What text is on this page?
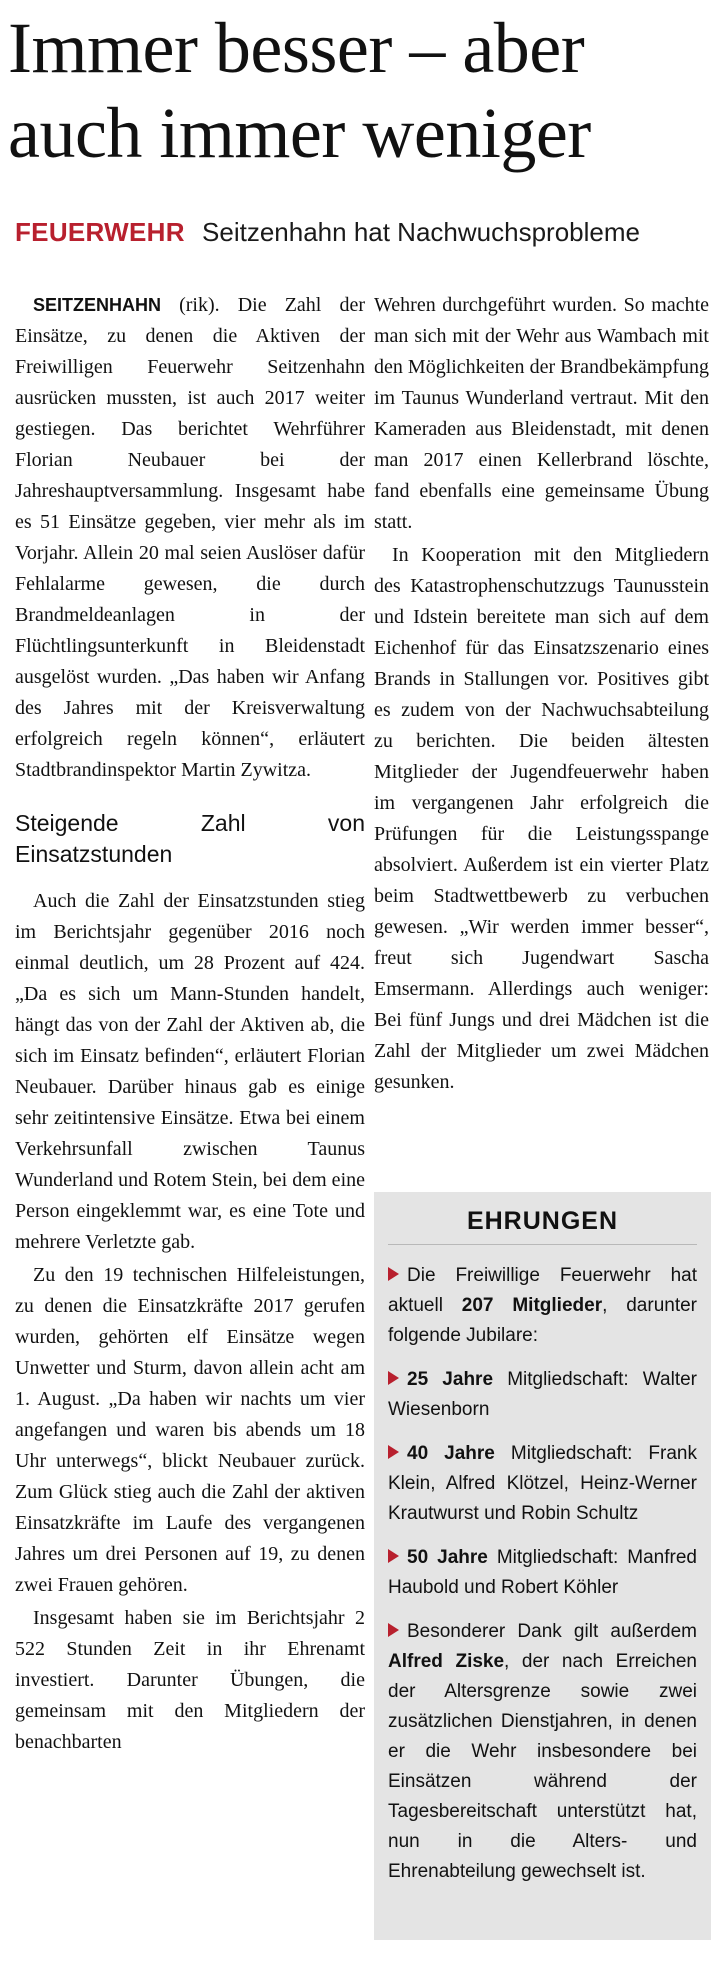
Immer besser – aber
auch immer weniger
FEUERWEHR Seitzenhahn hat Nachwuchsprobleme

SEITZENHAHN (rik). Die Zahl der Einsätze, zu denen die Aktiven der Freiwilligen Feuerwehr Seitzenhahn ausrücken mussten, ist auch 2017 weiter gestiegen. Das berichtet Wehrführer Florian Neubauer bei der Jahreshauptversammlung. Insgesamt habe es 51 Einsätze gegeben, vier mehr als im Vorjahr. Allein 20 mal seien Auslöser dafür Fehlalarme gewesen, die durch Brandmeldeanlagen in der Flüchtlingsunterkunft in Bleidenstadt ausgelöst wurden. „Das haben wir Anfang des Jahres mit der Kreisverwaltung erfolgreich regeln können“, erläutert Stadtbrandinspektor Martin Zywitza.

Steigende Zahl von Einsatzstunden

Auch die Zahl der Einsatzstunden stieg im Berichtsjahr gegenüber 2016 noch einmal deutlich, um 28 Prozent auf 424. „Da es sich um Mann-Stunden handelt, hängt das von der Zahl der Aktiven ab, die sich im Einsatz befinden“, erläutert Florian Neubauer. Darüber hinaus gab es einige sehr zeitintensive Einsätze. Etwa bei einem Verkehrsunfall zwischen Taunus Wunderland und Rotem Stein, bei dem eine Person eingeklemmt war, es eine Tote und mehrere Verletzte gab.

Zu den 19 technischen Hilfeleistungen, zu denen die Einsatzkräfte 2017 gerufen wurden, gehörten elf Einsätze wegen Unwetter und Sturm, davon allein acht am 1. August. „Da haben wir nachts um vier angefangen und waren bis abends um 18 Uhr unterwegs“, blickt Neubauer zurück. Zum Glück stieg auch die Zahl der aktiven Einsatzkräfte im Laufe des vergangenen Jahres um drei Personen auf 19, zu denen zwei Frauen gehören.

Insgesamt haben sie im Berichtsjahr 2 522 Stunden Zeit in ihr Ehrenamt investiert. Darunter Übungen, die gemeinsam mit den Mitgliedern der benachbarten

Wehren durchgeführt wurden. So machte man sich mit der Wehr aus Wambach mit den Möglichkeiten der Brandbekämpfung im Taunus Wunderland vertraut. Mit den Kameraden aus Bleidenstadt, mit denen man 2017 einen Kellerbrand löschte, fand ebenfalls eine gemeinsame Übung statt.

In Kooperation mit den Mitgliedern des Katastrophenschutzzugs Taunusstein und Idstein bereitete man sich auf dem Eichenhof für das Einsatzszenario eines Brands in Stallungen vor. Positives gibt es zudem von der Nachwuchsabteilung zu berichten. Die beiden ältesten Mitglieder der Jugendfeuerwehr haben im vergangenen Jahr erfolgreich die Prüfungen für die Leistungsspange absolviert. Außerdem ist ein vierter Platz beim Stadtwettbewerb zu verbuchen gewesen. „Wir werden immer besser“, freut sich Jugendwart Sascha Emsermann. Allerdings auch weniger: Bei fünf Jungs und drei Mädchen ist die Zahl der Mitglieder um zwei Mädchen gesunken.

EHRUNGEN
Die Freiwillige Feuerwehr hat aktuell 207 Mitglieder, darunter folgende Jubilare:
25 Jahre Mitgliedschaft: Walter Wiesenborn
40 Jahre Mitgliedschaft: Frank Klein, Alfred Klötzel, Heinz-Werner Krautwurst und Robin Schultz
50 Jahre Mitgliedschaft: Manfred Haubold und Robert Köhler
Besonderer Dank gilt außerdem Alfred Ziske, der nach Erreichen der Altersgrenze sowie zwei zusätzlichen Dienstjahren, in denen er die Wehr insbesondere bei Einsätzen während der Tagesbereitschaft unterstützt hat, nun in die Alters- und Ehrenabteilung gewechselt ist.
